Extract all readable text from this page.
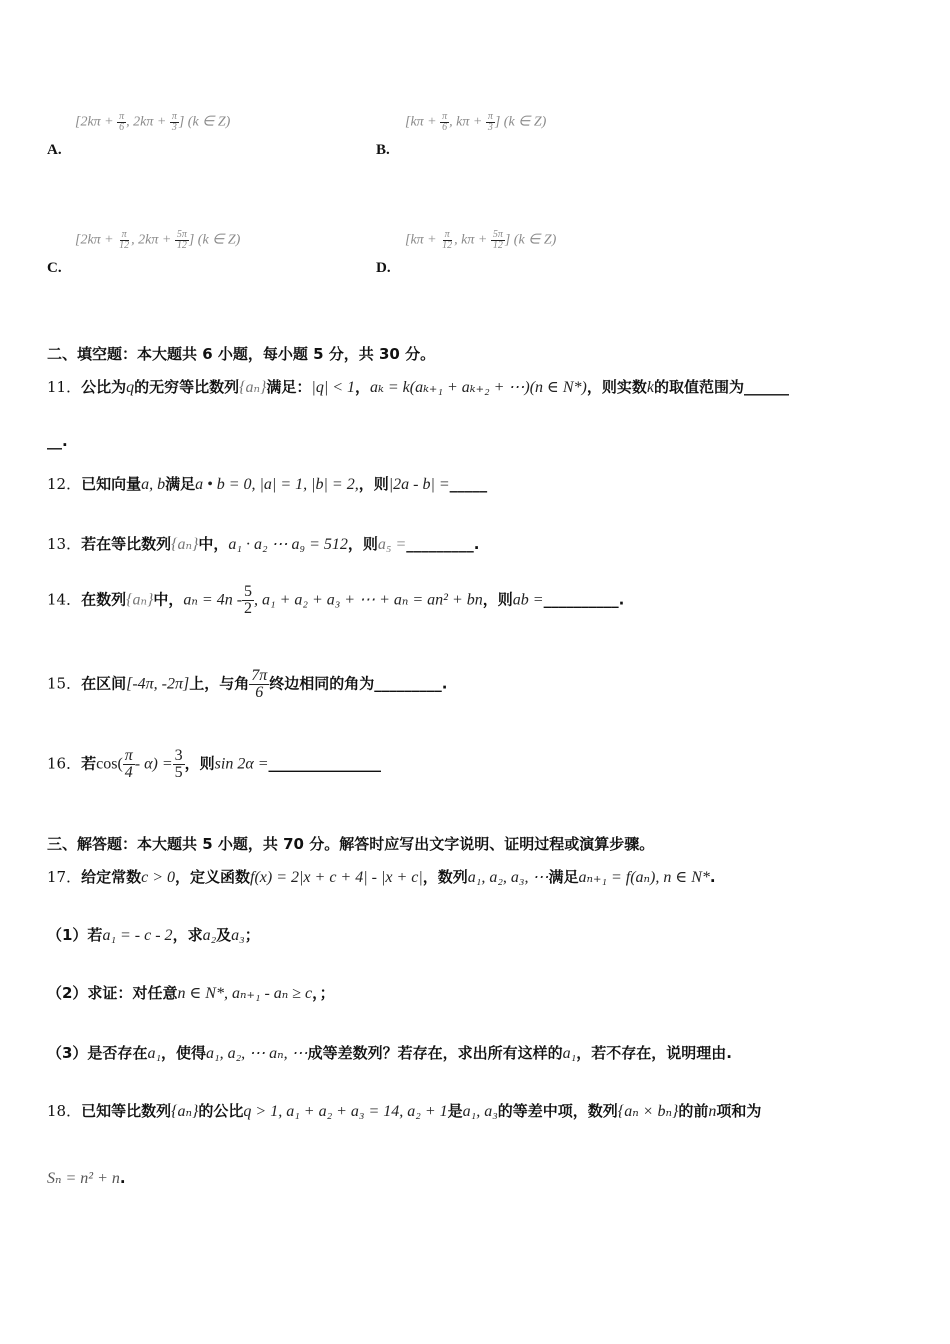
[$2k\pi + \frac{\pi}{6}$ , $2k\pi + \frac{\pi}{3}$ ] (k ∈ Z)
A.
[$k\pi + \frac{\pi}{6}$ , $k\pi + \frac{\pi}{3}$ ] (k ∈ Z)
B.
[$2k\pi + \frac{\pi}{12}$ , $2k\pi + \frac{5\pi}{12}$ ] (k ∈ Z)
C.
[$k\pi + \frac{\pi}{12}$ , $k\pi + \frac{5\pi}{12}$ ] (k ∈ Z)
D.
二、填空题：本大题共 6 小题，每小题 5 分，共 30 分。
11．公比为q的无穷等比数列{aₙ}满足：|q| < 1，aₖ = k(aₖ₊₁ + aₖ₊₂ + ⋯)(n ∈ N*)，则实数k的取值范围为______
__.
12．已知向量a, b满足a • b = 0, |a| = 1, |b| = 2,，则|2a - b| =_____
13．若在等比数列{aₙ}中，a₁ · a₂ ⋯ a₉ = 512，则a₅ =_________.
14．在数列{aₙ}中，$a_n = 4n - \frac{5}{2}$ , a₁ + a₂ + a₃ + ⋯ + aₙ = an² + bn，则ab =__________.
15．在区间[-4π, -2π]上，与角 $\frac{7\pi}{6}$ 终边相同的角为_________.
16．若$\cos( \frac{\pi}{4} - \alpha) = \frac{3}{5}$ ，则sin 2α =_______________
三、解答题：本大题共 5 小题，共 70 分。解答时应写出文字说明、证明过程或演算步骤。
17．给定常数c > 0，定义函数f(x) = 2|x + c + 4| - |x + c|，数列a₁, a₂, a₃, ⋯满足aₙ₊₁ = f(aₙ), n ∈ N*.
（1）若a₁ = - c - 2，求a₂及a₃；
（2）求证：对任意n ∈ N*, aₙ₊₁ - aₙ ≥ c，；
（3）是否存在a₁，使得a₁, a₂, ⋯ aₙ, ⋯成等差数列？若存在，求出所有这样的a₁，若不存在，说明理由.
18．已知等比数列{aₙ}的公比q > 1, a₁ + a₂ + a₃ = 14, a₂ + 1是a₁, a₃的等差中项，数列{aₙ × bₙ}的前n项和为
Sₙ = n² + n.
